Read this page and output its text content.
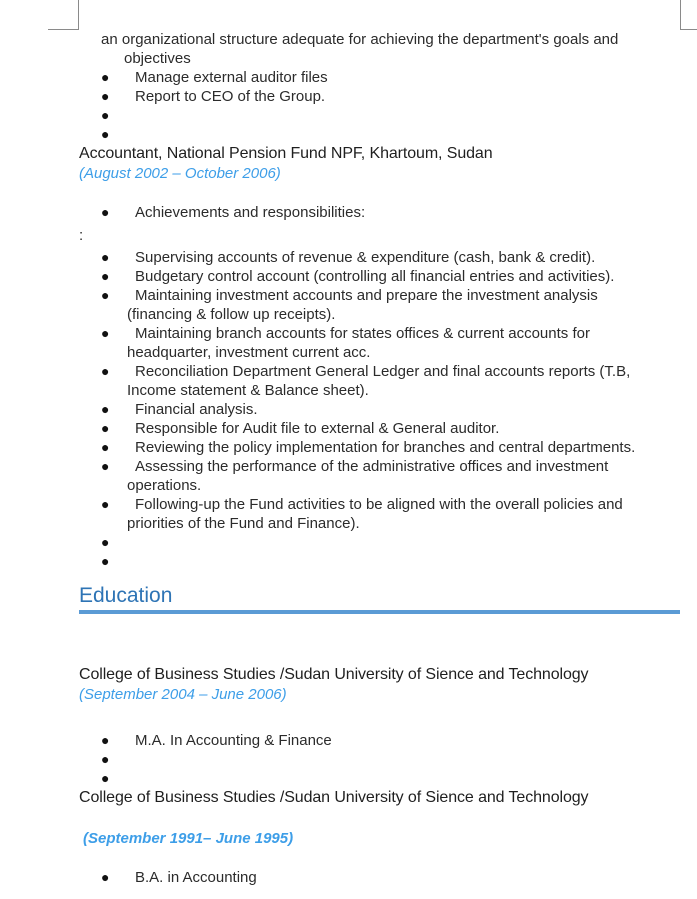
an organizational structure adequate for achieving the department's goals and
objectives
● Manage external auditor files
● Report to CEO of the Group.
●
●
Accountant, National Pension Fund NPF, Khartoum, Sudan
(August 2002 – October 2006)
● Achievements and responsibilities:
:
● Supervising accounts of revenue & expenditure (cash, bank & credit).
● Budgetary control account (controlling all financial entries and activities).
● Maintaining investment accounts and prepare the investment analysis
(financing & follow up receipts).
● Maintaining branch accounts for states offices & current accounts for
headquarter, investment current acc.
● Reconciliation Department General Ledger and final accounts reports (T.B,
Income statement & Balance sheet).
● Financial analysis.
● Responsible for Audit file to external & General auditor.
● Reviewing the policy implementation for branches and central departments.
● Assessing the performance of the administrative offices and investment
operations.
● Following-up the Fund activities to be aligned with the overall policies and
priorities of the Fund and Finance).
●
●
Education
College of Business Studies /Sudan University of Sience and Technology
(September 2004 – June 2006)
● M.A. In Accounting & Finance
●
●
College of Business Studies /Sudan University of Sience and Technology
(September 1991– June 1995)
● B.A. in Accounting
